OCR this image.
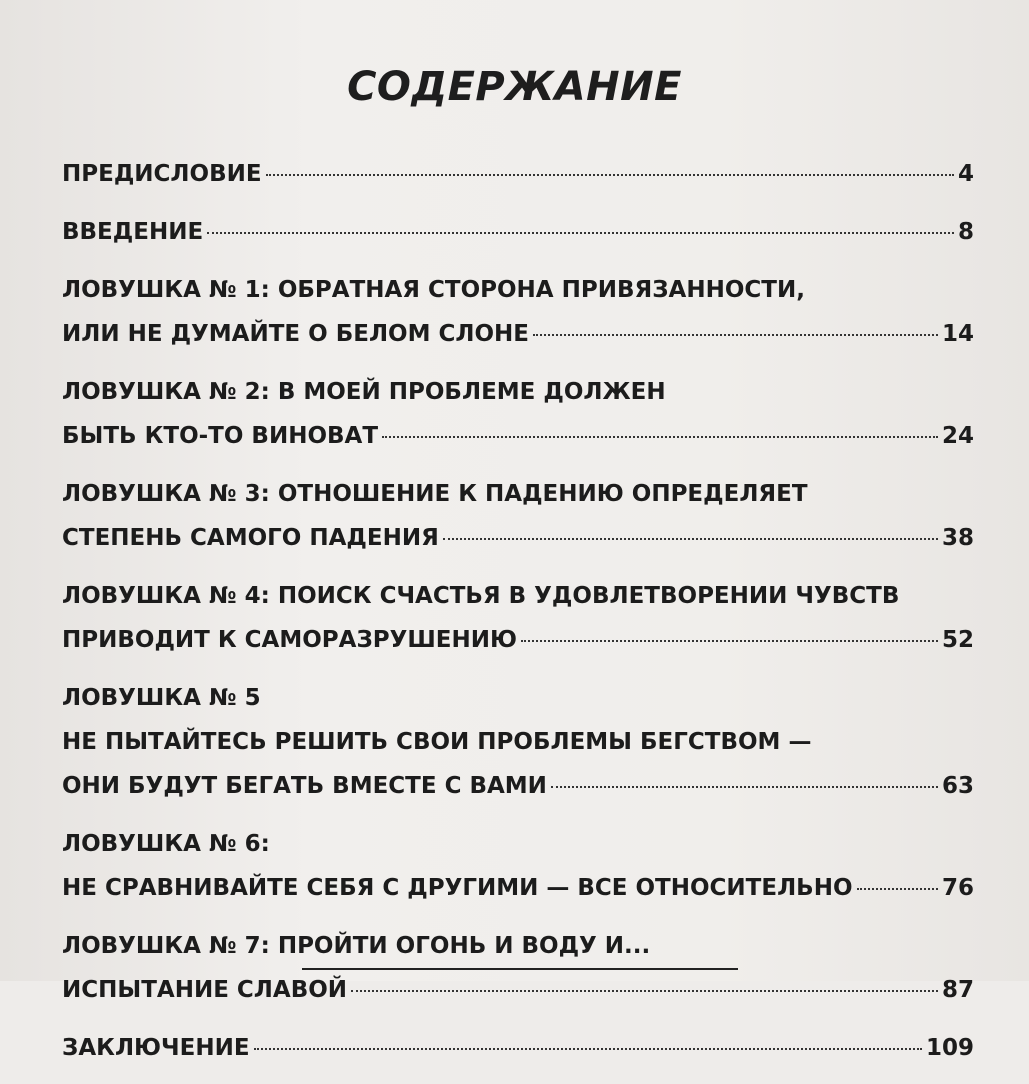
СОДЕРЖАНИЕ
ПРЕДИСЛОВИЕ	4
ВВЕДЕНИЕ	8
ЛОВУШКА № 1: ОБРАТНАЯ СТОРОНА ПРИВЯЗАННОСТИ,
ИЛИ НЕ ДУМАЙТЕ О БЕЛОМ СЛОНЕ	14
ЛОВУШКА № 2: В МОЕЙ ПРОБЛЕМЕ ДОЛЖЕН
БЫТЬ КТО-ТО ВИНОВАТ	24
ЛОВУШКА № 3: ОТНОШЕНИЕ К ПАДЕНИЮ ОПРЕДЕЛЯЕТ
СТЕПЕНЬ САМОГО ПАДЕНИЯ	38
ЛОВУШКА № 4: ПОИСК СЧАСТЬЯ В УДОВЛЕТВОРЕНИИ ЧУВСТВ
ПРИВОДИТ К САМОРАЗРУШЕНИЮ	52
ЛОВУШКА № 5
НЕ ПЫТАЙТЕСЬ РЕШИТЬ СВОИ ПРОБЛЕМЫ БЕГСТВОМ —
ОНИ БУДУТ БЕГАТЬ ВМЕСТЕ С ВАМИ	63
ЛОВУШКА № 6:
НЕ СРАВНИВАЙТЕ СЕБЯ С ДРУГИМИ — ВСЕ ОТНОСИТЕЛЬНО	76
ЛОВУШКА № 7: ПРОЙТИ ОГОНЬ И ВОДУ И...
ИСПЫТАНИЕ СЛАВОЙ	87
ЗАКЛЮЧЕНИЕ	109
